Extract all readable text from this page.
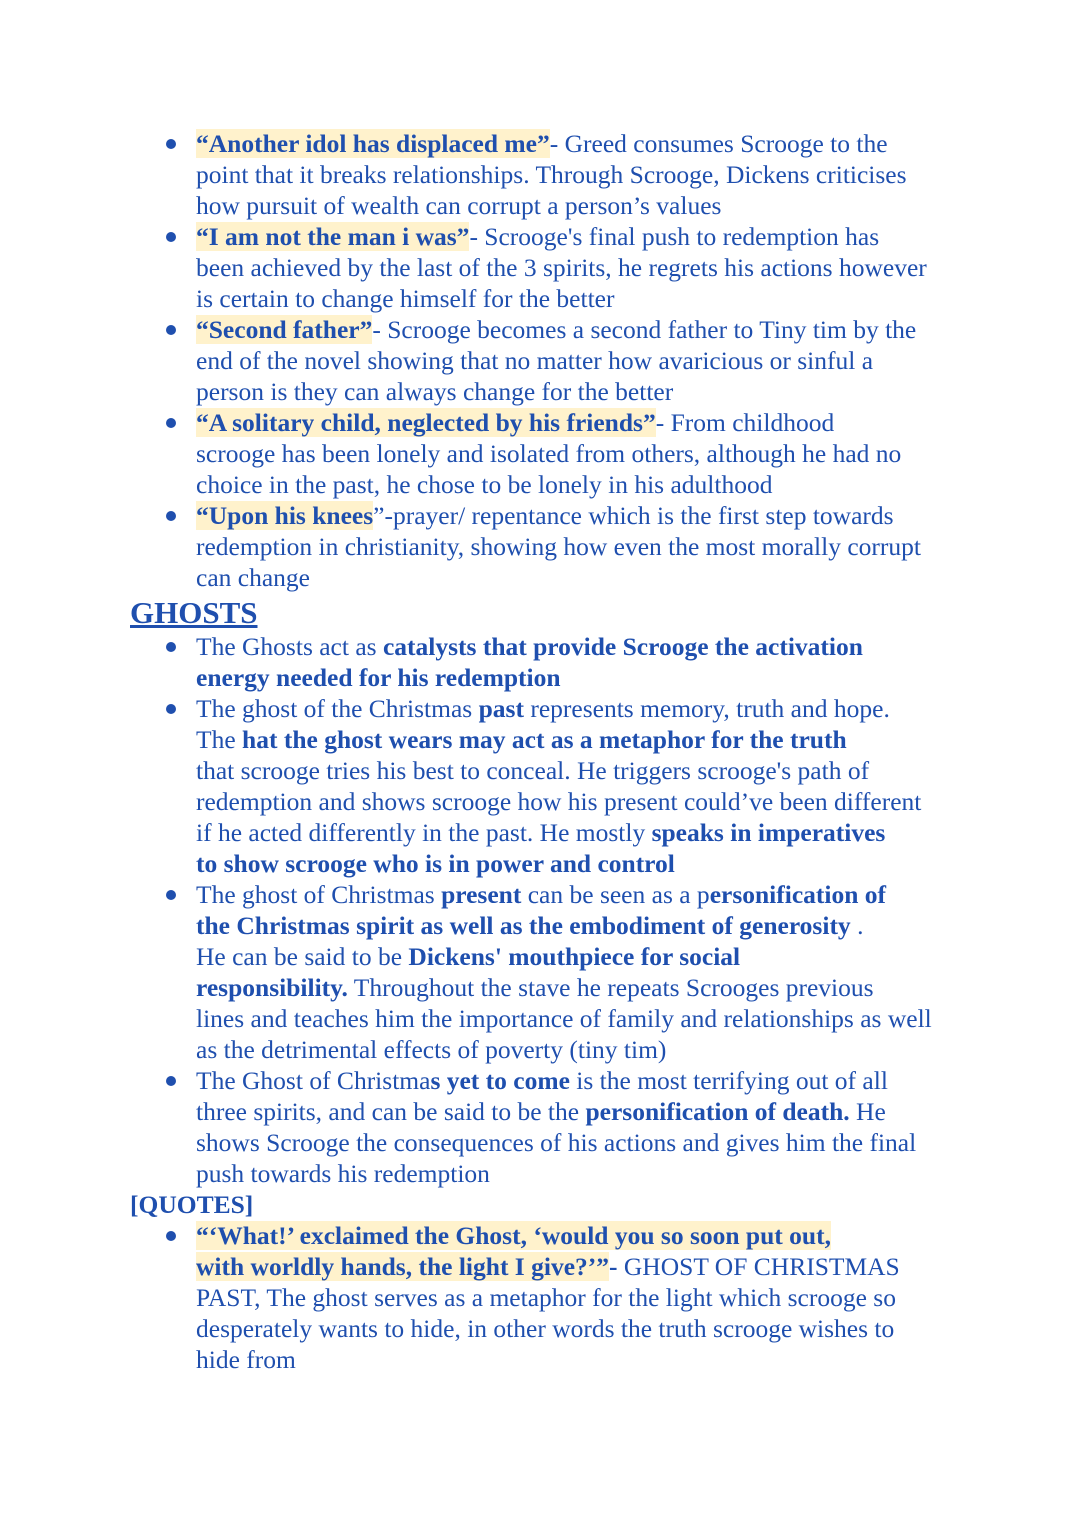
“Another idol has displaced me”- Greed consumes Scrooge to the
point that it breaks relationships. Through Scrooge, Dickens criticises
how pursuit of wealth can corrupt a person’s values
“I am not the man i was”- Scrooge's final push to redemption has
been achieved by the last of the 3 spirits, he regrets his actions however
is certain to change himself for the better
“Second father”- Scrooge becomes a second father to Tiny tim by the
end of the novel showing that no matter how avaricious or sinful a
person is they can always change for the better
“A solitary child, neglected by his friends”- From childhood
scrooge has been lonely and isolated from others, although he had no
choice in the past, he chose to be lonely in his adulthood
“Upon his knees”-prayer/ repentance which is the first step towards
redemption in christianity, showing how even the most morally corrupt
can change
GHOSTS
The Ghosts act as catalysts that provide Scrooge the activation
energy needed for his redemption
The ghost of the Christmas past represents memory, truth and hope.
The hat the ghost wears may act as a metaphor for the truth
that scrooge tries his best to conceal. He triggers scrooge's path of
redemption and shows scrooge how his present could’ve been different
if he acted differently in the past. He mostly speaks in imperatives
to show scrooge who is in power and control
The ghost of Christmas present can be seen as a personification of
the Christmas spirit as well as the embodiment of generosity .
He can be said to be Dickens' mouthpiece for social
responsibility. Throughout the stave he repeats Scrooges previous
lines and teaches him the importance of family and relationships as well
as the detrimental effects of poverty (tiny tim)
The Ghost of Christmas yet to come is the most terrifying out of all
three spirits, and can be said to be the personification of death. He
shows Scrooge the consequences of his actions and gives him the final
push towards his redemption
[QUOTES]
“‘What!’ exclaimed the Ghost, ‘would you so soon put out,
with worldly hands, the light I give?’”- GHOST OF CHRISTMAS
PAST, The ghost serves as a metaphor for the light which scrooge so
desperately wants to hide, in other words the truth scrooge wishes to
hide from
